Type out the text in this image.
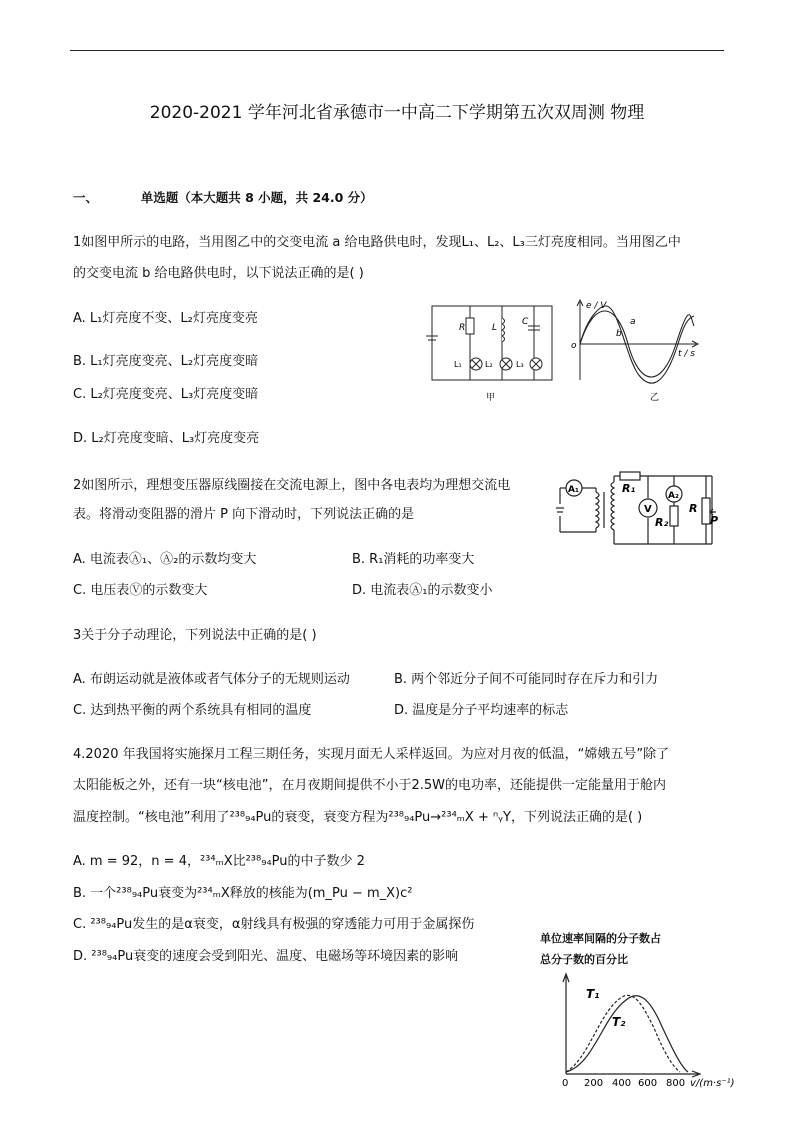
2020-2021 学年河北省承德市一中高二下学期第五次双周测 物理
一、	单选题（本大题共 8 小题，共 24.0 分）
1如图甲所示的电路，当用图乙中的交变电流 a 给电路供电时，发现L₁、L₂、L₃三灯亮度相同。当用图乙中
的交变电流 b 给电路供电时，以下说法正确的是( )
A. L₁灯亮度不变、L₂灯亮度变亮
B. L₁灯亮度变亮、L₂灯亮度变暗
C. L₂灯亮度变亮、L₃灯亮度变暗
D. L₂灯亮度变暗、L₃灯亮度变亮
R	L
C
L₁	L₂	L₃
甲
e / V
o
a
b
t / s
乙
2如图所示，理想变压器原线圈接在交流电源上，图中各电表均为理想交流电
表。将滑动变阻器的滑片 P 向下滑动时，下列说法正确的是
A. 电流表Ⓐ₁、Ⓐ₂的示数均变大	B. R₁消耗的功率变大
C. 电压表Ⓥ的示数变大	D. 电流表Ⓐ₁的示数变小
A₁	R₁
V
A₂
R₂
R
P
3关于分子动理论，下列说法中正确的是( )
A. 布朗运动就是液体或者气体分子的无规则运动	B. 两个邻近分子间不可能同时存在斥力和引力
C. 达到热平衡的两个系统具有相同的温度	D. 温度是分子平均速率的标志
4.2020 年我国将实施探月工程三期任务，实现月面无人采样返回。为应对月夜的低温，“嫦娥五号”除了
太阳能板之外，还有一块“核电池”，在月夜期间提供不小于2.5W的电功率，还能提供一定能量用于舱内
温度控制。“核电池”利用了²³⁸₉₄Pu的衰变，衰变方程为²³⁸₉₄Pu→²³⁴ₘX + ⁿᵧY，下列说法正确的是( )
A. m = 92，n = 4，²³⁴ₘX比²³⁸₉₄Pu的中子数少 2
B. 一个²³⁸₉₄Pu衰变为²³⁴ₘX释放的核能为(m_Pu − m_X)c²
C. ²³⁸₉₄Pu发生的是α衰变，α射线具有极强的穿透能力可用于金属探伤
D. ²³⁸₉₄Pu衰变的速度会受到阳光、温度、电磁场等环境因素的影响
单位速率间隔的分子数占
总分子数的百分比
T₁
T₂
0 200 400 600 800 v/(m·s⁻¹)
